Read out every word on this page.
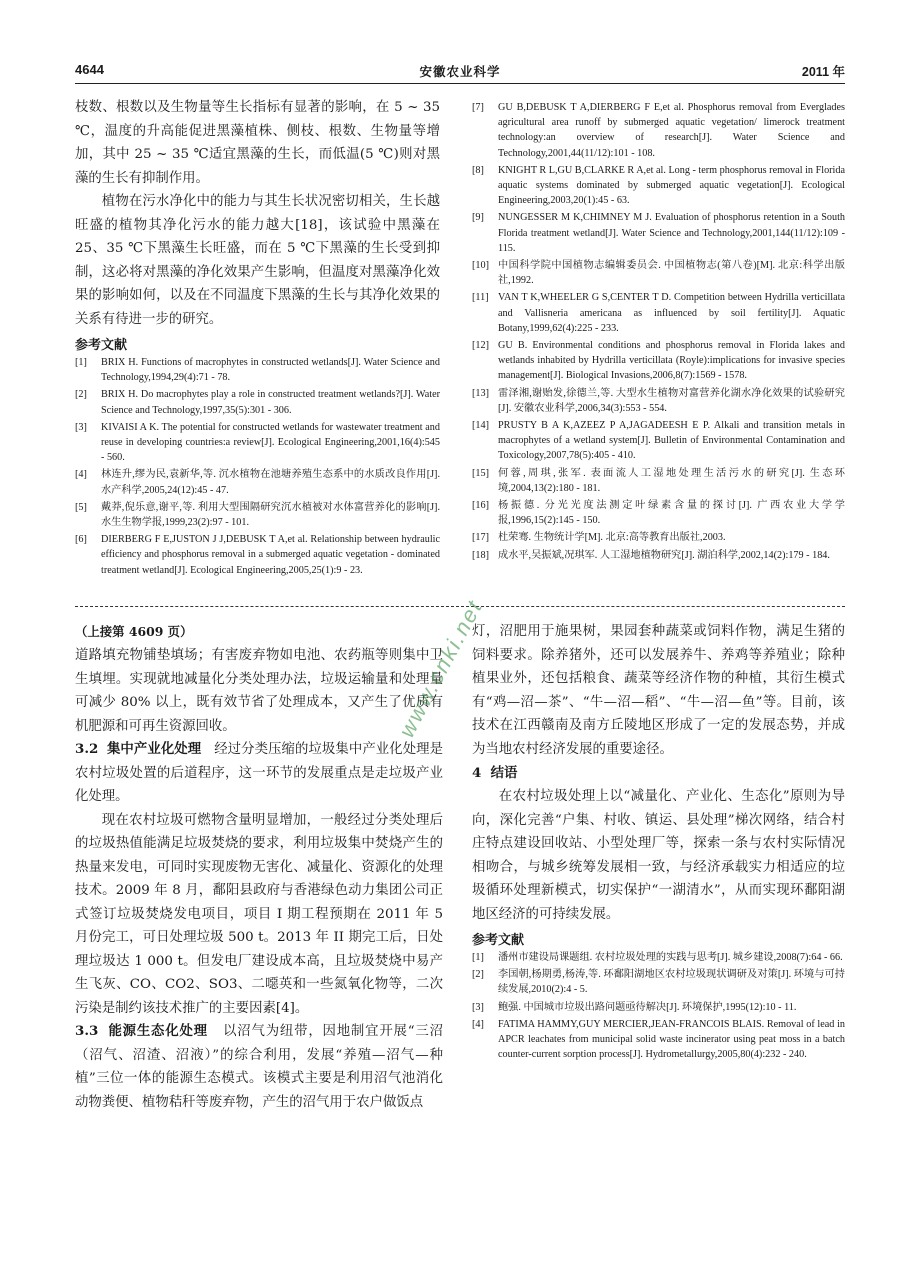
4644	安徽农业科学	2011 年

枝数、根数以及生物量等生长指标有显著的影响，在 5 ~ 35 ℃，温度的升高能促进黑藻植株、侧枝、根数、生物量等增加，其中 25 ~ 35 ℃适宜黑藻的生长，而低温(5 ℃)则对黑藻的生长有抑制作用。

植物在污水净化中的能力与其生长状况密切相关，生长越旺盛的植物其净化污水的能力越大[18]，该试验中黑藻在 25、35 ℃下黑藻生长旺盛，而在 5 ℃下黑藻的生长受到抑制，这必将对黑藻的净化效果产生影响，但温度对黑藻净化效果的影响如何，以及在不同温度下黑藻的生长与其净化效果的关系有待进一步的研究。

参考文献
[1] BRIX H. Functions of macrophytes in constructed wetlands[J]. Water Science and Technology,1994,29(4):71 - 78.
[2] BRIX H. Do macrophytes play a role in constructed treatment wetlands?[J]. Water Science and Technology,1997,35(5):301 - 306.
[3] KIVAISI A K. The potential for constructed wetlands for wastewater treatment and reuse in developing countries:a review[J]. Ecological Engineering,2001,16(4):545 - 560.
[4] 林连升,缪为民,袁新华,等. 沉水植物在池塘养殖生态系中的水质改良作用[J]. 水产科学,2005,24(12):45 - 47.
[5] 戴莽,倪乐意,谢平,等. 利用大型围隔研究沉水植被对水体富营养化的影响[J]. 水生生物学报,1999,23(2):97 - 101.
[6] DIERBERG F E,JUSTON J J,DEBUSK T A,et al. Relationship between hydraulic efficiency and phosphorus removal in a submerged aquatic vegetation - dominated treatment wetland[J]. Ecological Engineering,2005,25(1):9 - 23.
[7] GU B,DEBUSK T A,DIERBERG F E,et al. Phosphorus removal from Everglades agricultural area runoff by submerged aquatic vegetation/ limerock treatment technology:an overview of research[J]. Water Science and Technology,2001,44(11/12):101 - 108.
[8] KNIGHT R L,GU B,CLARKE R A,et al. Long - term phosphorus removal in Florida aquatic systems dominated by submerged aquatic vegetation[J]. Ecological Engineering,2003,20(1):45 - 63.
[9] NUNGESSER M K,CHIMNEY M J. Evaluation of phosphorus retention in a South Florida treatment wetland[J]. Water Science and Technology,2001,144(11/12):109 - 115.
[10] 中国科学院中国植物志编辑委员会. 中国植物志(第八卷)[M]. 北京:科学出版社,1992.
[11] VAN T K,WHEELER G S,CENTER T D. Competition between Hydrilla verticillata and Vallisneria americana as influenced by soil fertility[J]. Aquatic Botany,1999,62(4):225 - 233.
[12] GU B. Environmental conditions and phosphorus removal in Florida lakes and wetlands inhabited by Hydrilla verticillata (Royle):implications for invasive species management[J]. Biological Invasions,2006,8(7):1569 - 1578.
[13] 雷泽湘,谢贻发,徐德兰,等. 大型水生植物对富营养化湖水净化效果的试验研究[J]. 安徽农业科学,2006,34(3):553 - 554.
[14] PRUSTY B A K,AZEEZ P A,JAGADEESH E P. Alkali and transition metals in macrophytes of a wetland system[J]. Bulletin of Environmental Contamination and Toxicology,2007,78(5):405 - 410.
[15] 何蓉,周琪,张军. 表面流人工湿地处理生活污水的研究[J]. 生态环境,2004,13(2):180 - 181.
[16] 杨振德. 分光光度法测定叶绿素含量的探讨[J]. 广西农业大学学报,1996,15(2):145 - 150.
[17] 杜荣骞. 生物统计学[M]. 北京:高等教育出版社,2003.
[18] 成水平,吴振斌,况琪军. 人工湿地植物研究[J]. 湖泊科学,2002,14(2):179 - 184.
（上接第 4609 页）

道路填充物铺垫填场；有害废弃物如电池、农药瓶等则集中卫生填埋。实现就地减量化分类处理办法，垃圾运输量和处理量可减少 80% 以上，既有效节省了处理成本，又产生了优质有机肥源和可再生资源回收。

3.2 集中产业化处理 经过分类压缩的垃圾集中产业化处理是农村垃圾处置的后道程序，这一环节的发展重点是走垃圾产业化处理。

现在农村垃圾可燃物含量明显增加，一般经过分类处理后的垃圾热值能满足垃圾焚烧的要求，利用垃圾集中焚烧产生的热量来发电，可同时实现废物无害化、减量化、资源化的处理技术。2009 年 8 月，鄱阳县政府与香港绿色动力集团公司正式签订垃圾焚烧发电项目，项目 I 期工程预期在 2011 年 5 月份完工，可日处理垃圾 500 t。2013 年 II 期完工后，日处理垃圾达 1 000 t。但发电厂建设成本高，且垃圾焚烧中易产生飞灰、CO、CO2、SO3、二噁英和一些氮氧化物等，二次污染是制约该技术推广的主要因素[4]。

3.3 能源生态化处理 以沼气为纽带，因地制宜开展“三沼（沼气、沼渣、沼液）”的综合利用，发展“养殖—沼气—种植”三位一体的能源生态模式。该模式主要是利用沼气池消化动物粪便、植物秸秆等废弃物，产生的沼气用于农户做饭点

灯，沼肥用于施果树，果园套种蔬菜或饲料作物，满足生猪的饲料要求。除养猪外，还可以发展养牛、养鸡等养殖业；除种植果业外，还包括粮食、蔬菜等经济作物的种植，其衍生模式有“鸡—沼—茶”、“牛—沼—稻”、“牛—沼—鱼”等。目前，该技术在江西赣南及南方丘陵地区形成了一定的发展态势，并成为当地农村经济发展的重要途径。

4 结语

在农村垃圾处理上以“减量化、产业化、生态化”原则为导向，深化完善“户集、村收、镇运、县处理”梯次网络，结合村庄特点建设回收站、小型处理厂等，探索一条与农村实际情况相吻合，与城乡统筹发展相一致，与经济承载实力相适应的垃圾循环处理新模式，切实保护“一湖清水”，从而实现环鄱阳湖地区经济的可持续发展。

参考文献
[1] 潘州市建设局课题组. 农村垃圾处理的实践与思考[J]. 城乡建设,2008(7):64 - 66.
[2] 李国朝,杨期勇,杨涛,等. 环鄱阳湖地区农村垃圾现状调研及对策[J]. 环境与可持续发展,2010(2):4 - 5.
[3] 鲍强. 中国城市垃圾出路问题亟待解决[J]. 环境保护,1995(12):10 - 11.
[4] FATIMA HAMMY,GUY MERCIER,JEAN-FRANCOIS BLAIS. Removal of lead in APCR leachates from municipal solid waste incinerator using peat moss in a batch counter-current sorption process[J]. Hydrometallurgy,2005,80(4):232 - 240.
www.cnki.net
